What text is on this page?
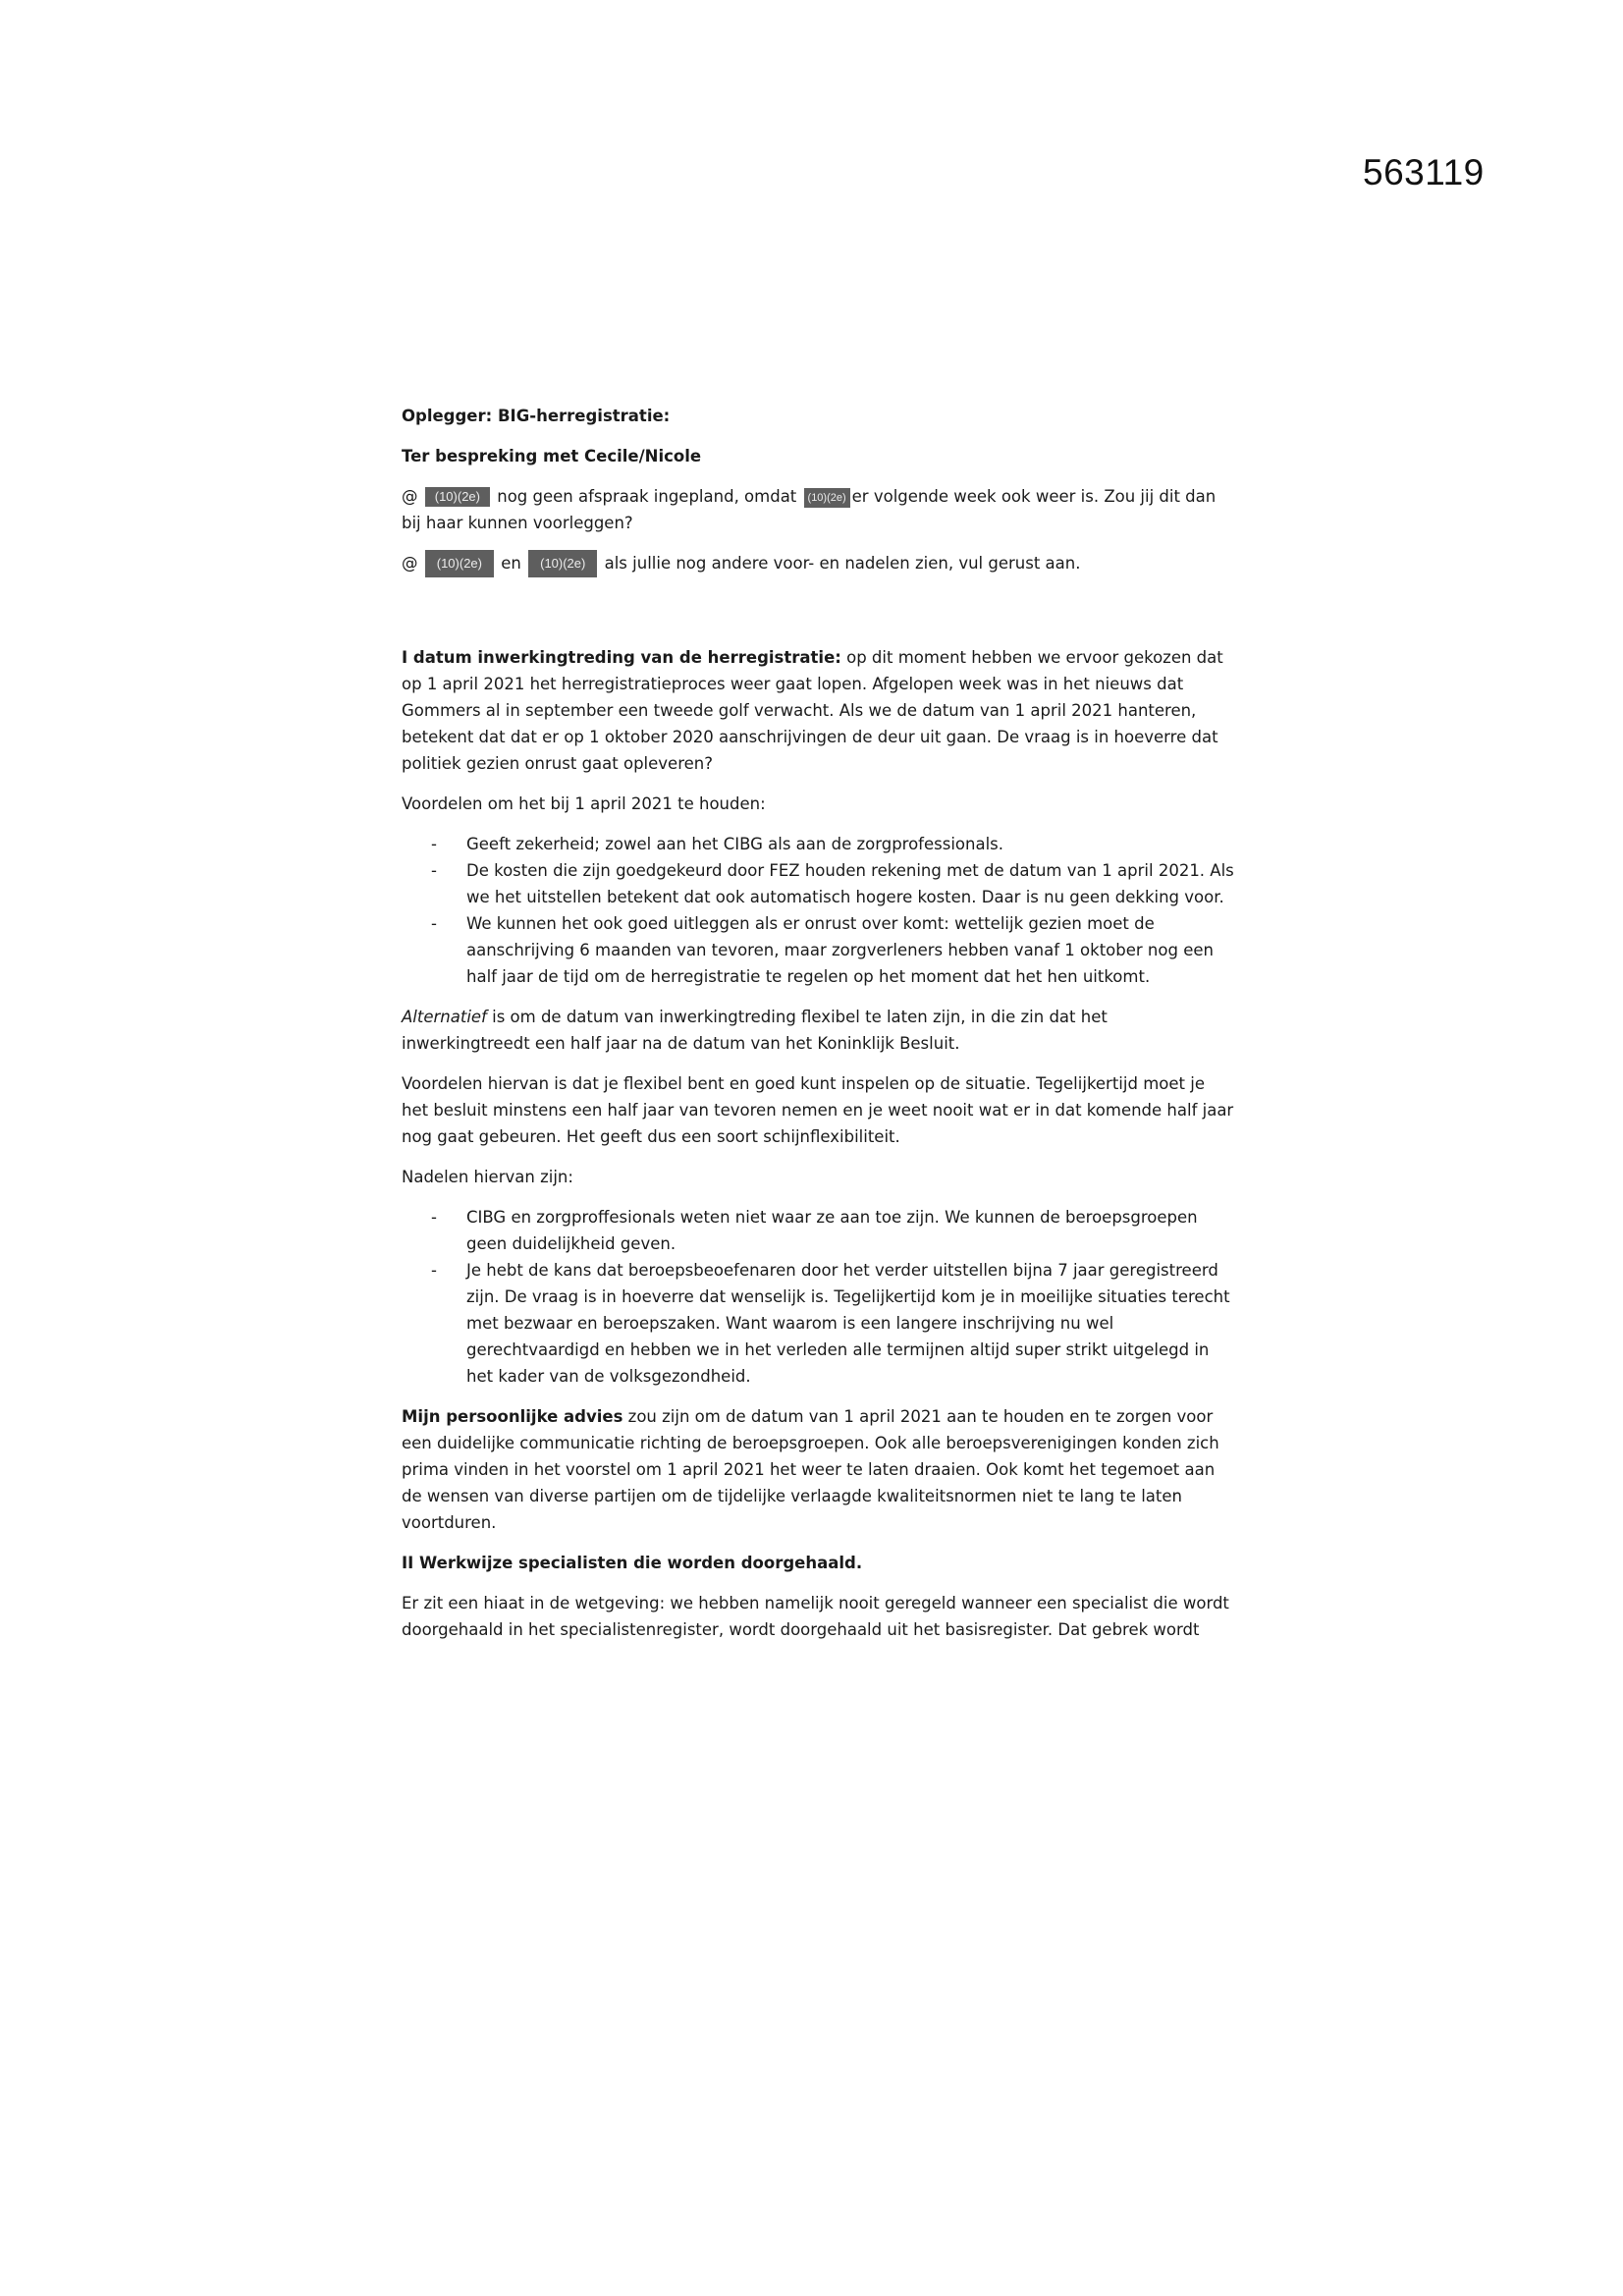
563119

Oplegger: BIG-herregistratie:

Ter bespreking met Cecile/Nicole

@ (10)(2e) nog geen afspraak ingepland, omdat (10)(2e) er volgende week ook weer is. Zou jij dit dan bij haar kunnen voorleggen?

@ (10)(2e) en (10)(2e) als jullie nog andere voor- en nadelen zien, vul gerust aan.

I datum inwerkingtreding van de herregistratie: op dit moment hebben we ervoor gekozen dat op 1 april 2021 het herregistratieproces weer gaat lopen. Afgelopen week was in het nieuws dat Gommers al in september een tweede golf verwacht. Als we de datum van 1 april 2021 hanteren, betekent dat dat er op 1 oktober 2020 aanschrijvingen de deur uit gaan. De vraag is in hoeverre dat politiek gezien onrust gaat opleveren?

Voordelen om het bij 1 april 2021 te houden:

- Geeft zekerheid; zowel aan het CIBG als aan de zorgprofessionals.
- De kosten die zijn goedgekeurd door FEZ houden rekening met de datum van 1 april 2021. Als we het uitstellen betekent dat ook automatisch hogere kosten. Daar is nu geen dekking voor.
- We kunnen het ook goed uitleggen als er onrust over komt: wettelijk gezien moet de aanschrijving 6 maanden van tevoren, maar zorgverleners hebben vanaf 1 oktober nog een half jaar de tijd om de herregistratie te regelen op het moment dat het hen uitkomt.

Alternatief is om de datum van inwerkingtreding flexibel te laten zijn, in die zin dat het inwerkingtreedt een half jaar na de datum van het Koninklijk Besluit.

Voordelen hiervan is dat je flexibel bent en goed kunt inspelen op de situatie. Tegelijkertijd moet je het besluit minstens een half jaar van tevoren nemen en je weet nooit wat er in dat komende half jaar nog gaat gebeuren. Het geeft dus een soort schijnflexibiliteit.

Nadelen hiervan zijn:

- CIBG en zorgproffesionals weten niet waar ze aan toe zijn. We kunnen de beroepsgroepen geen duidelijkheid geven.
- Je hebt de kans dat beroepsbeoefenaren door het verder uitstellen bijna 7 jaar geregistreerd zijn. De vraag is in hoeverre dat wenselijk is. Tegelijkertijd kom je in moeilijke situaties terecht met bezwaar en beroepszaken. Want waarom is een langere inschrijving nu wel gerechtvaardigd en hebben we in het verleden alle termijnen altijd super strikt uitgelegd in het kader van de volksgezondheid.

Mijn persoonlijke advies zou zijn om de datum van 1 april 2021 aan te houden en te zorgen voor een duidelijke communicatie richting de beroepsgroepen. Ook alle beroepsverenigingen konden zich prima vinden in het voorstel om 1 april 2021 het weer te laten draaien. Ook komt het tegemoet aan de wensen van diverse partijen om de tijdelijke verlaagde kwaliteitsnormen niet te lang te laten voortduren.

II Werkwijze specialisten die worden doorgehaald.

Er zit een hiaat in de wetgeving: we hebben namelijk nooit geregeld wanneer een specialist die wordt doorgehaald in het specialistenregister, wordt doorgehaald uit het basisregister. Dat gebrek wordt
